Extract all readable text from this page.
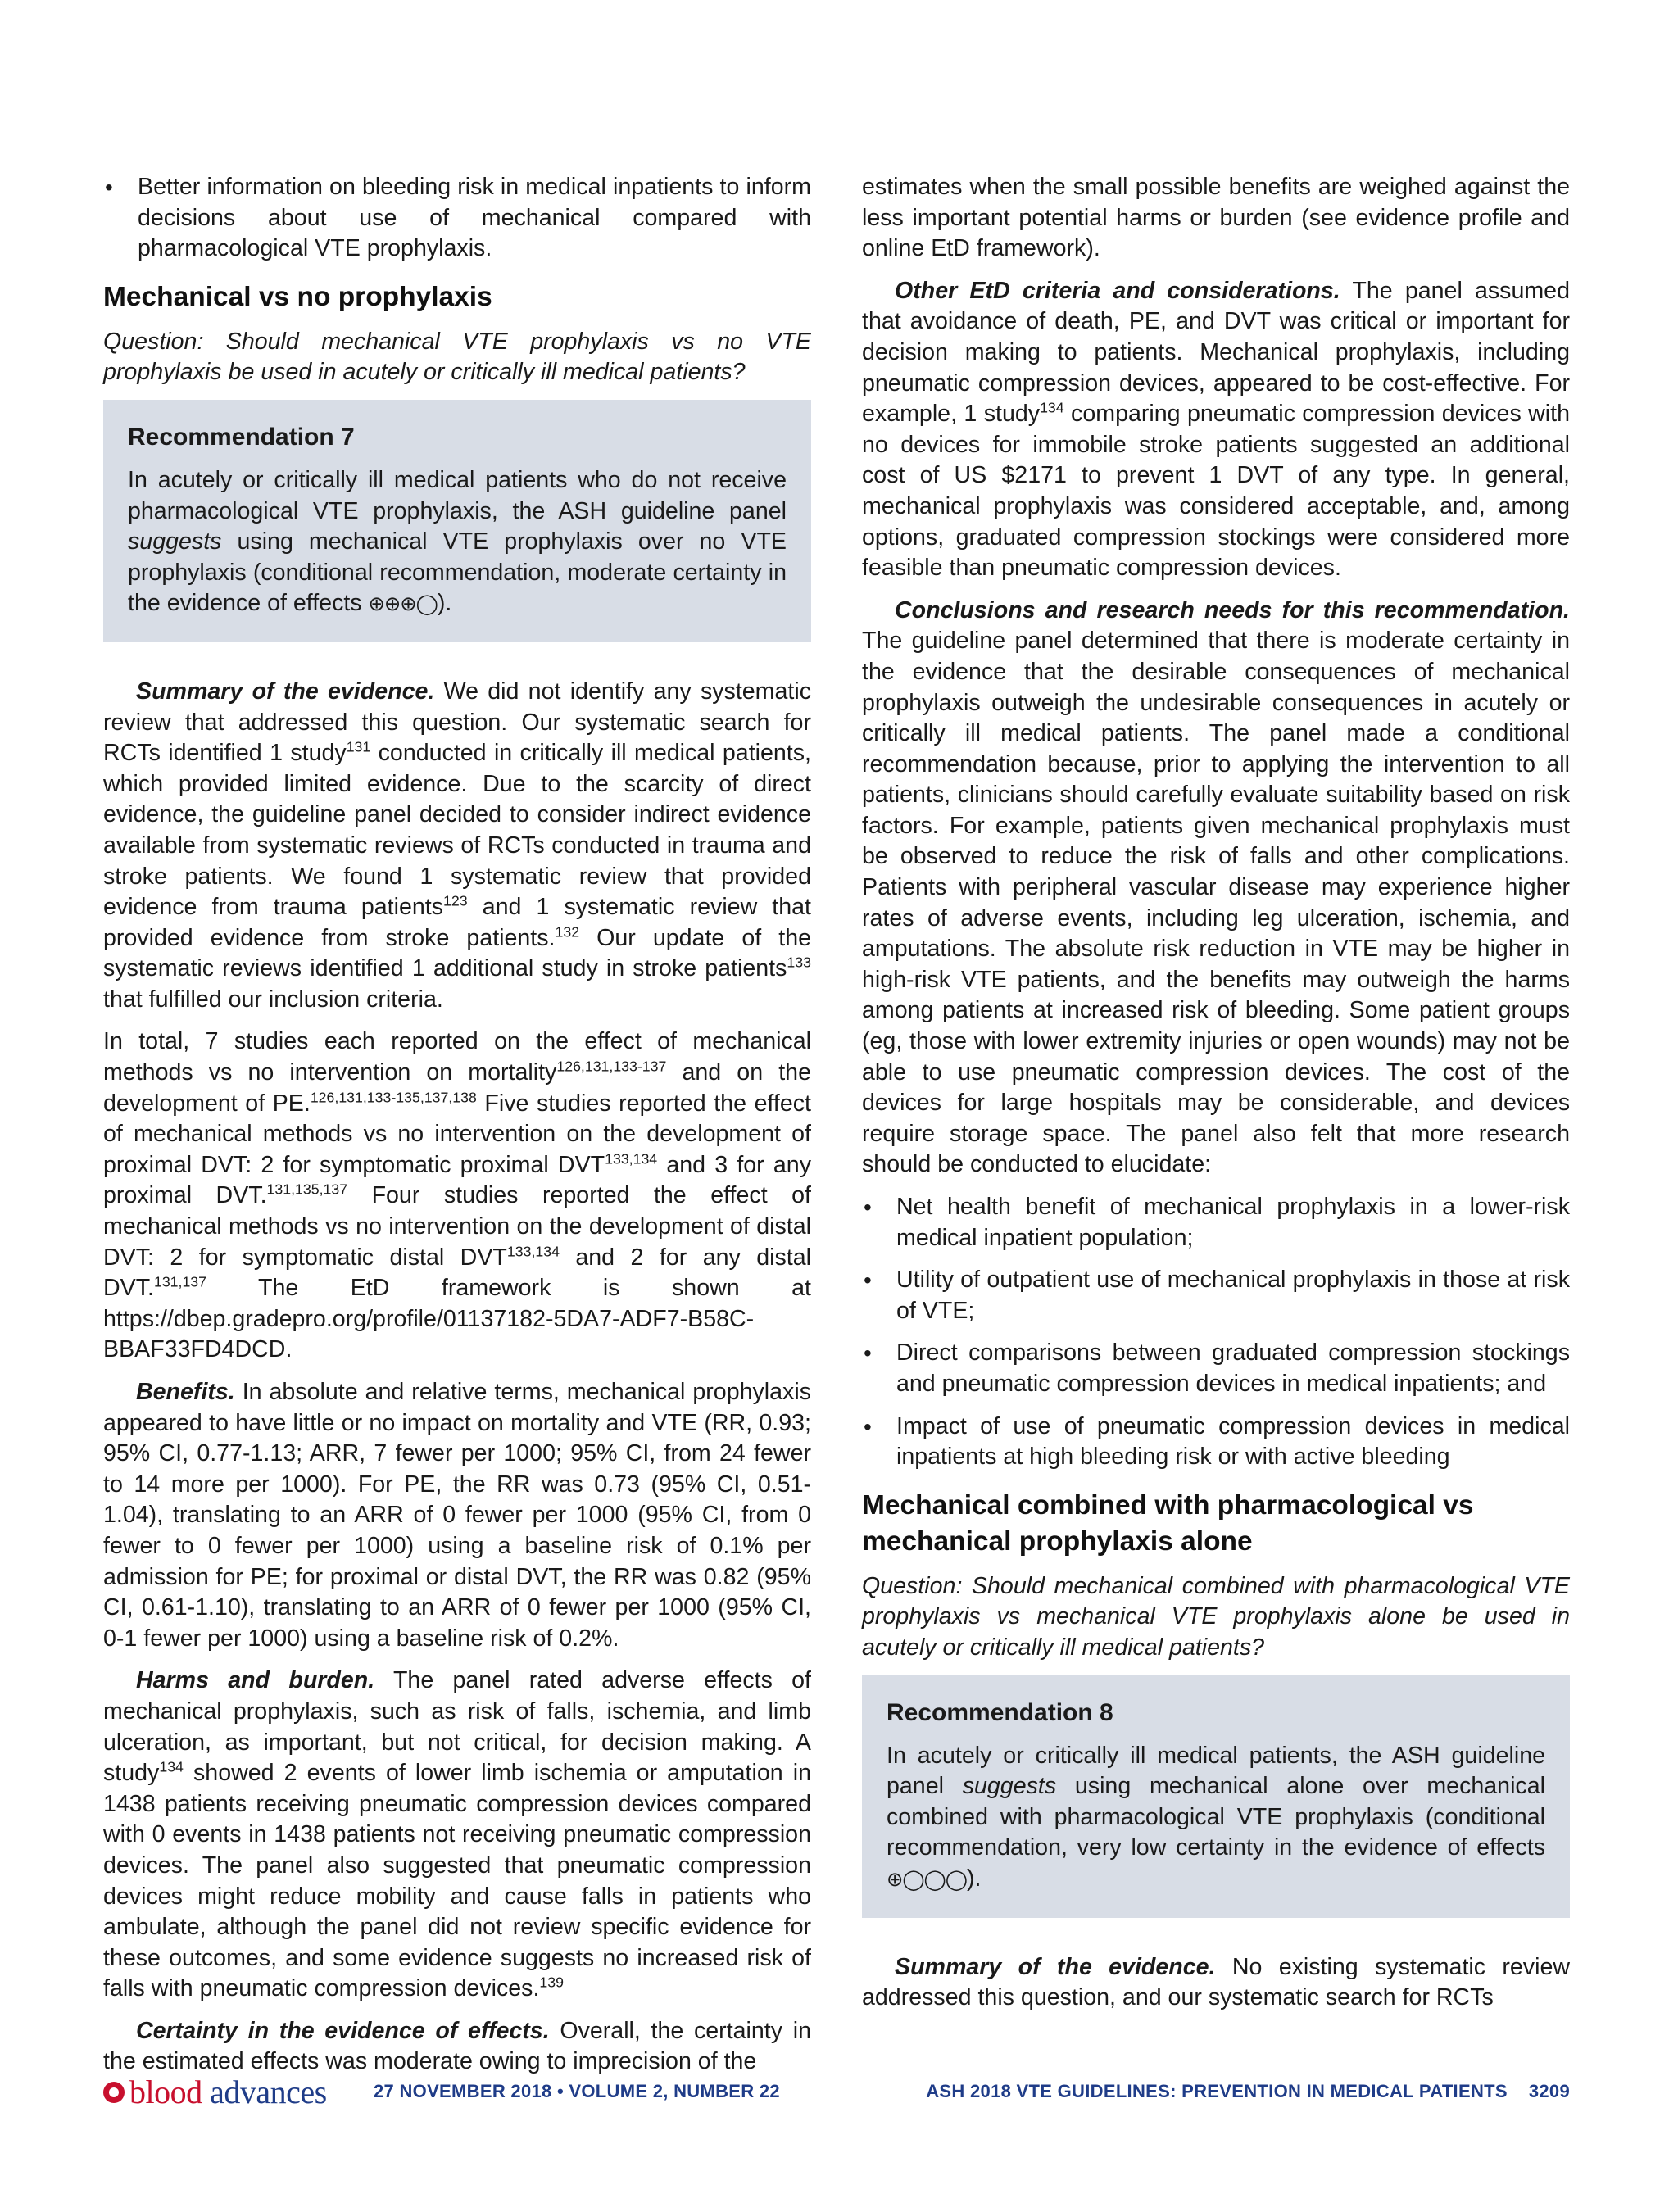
• Better information on bleeding risk in medical inpatients to inform decisions about use of mechanical compared with pharmacological VTE prophylaxis.
Mechanical vs no prophylaxis

Question: Should mechanical VTE prophylaxis vs no VTE prophylaxis be used in acutely or critically ill medical patients?

Recommendation 7
In acutely or critically ill medical patients who do not receive pharmacological VTE prophylaxis, the ASH guideline panel suggests using mechanical VTE prophylaxis over no VTE prophylaxis (conditional recommendation, moderate certainty in the evidence of effects ⊕⊕⊕◯).

Summary of the evidence. We did not identify any systematic review that addressed this question. Our systematic search for RCTs identified 1 study$^{131}$ conducted in critically ill medical patients, which provided limited evidence. Due to the scarcity of direct evidence, the guideline panel decided to consider indirect evidence available from systematic reviews of RCTs conducted in trauma and stroke patients. We found 1 systematic review that provided evidence from trauma patients$^{123}$ and 1 systematic review that provided evidence from stroke patients.$^{132}$ Our update of the systematic reviews identified 1 additional study in stroke patients$^{133}$ that fulfilled our inclusion criteria.

In total, 7 studies each reported on the effect of mechanical methods vs no intervention on mortality$^{126,131,133-137}$ and on the development of PE.$^{126,131,133-135,137,138}$ Five studies reported the effect of mechanical methods vs no intervention on the development of proximal DVT: 2 for symptomatic proximal DVT$^{133,134}$ and 3 for any proximal DVT.$^{131,135,137}$ Four studies reported the effect of mechanical methods vs no intervention on the development of distal DVT: 2 for symptomatic distal DVT$^{133,134}$ and 2 for any distal DVT.$^{131,137}$ The EtD framework is shown at https://dbep.gradepro.org/profile/01137182-5DA7-ADF7-B58C-BBAF33FD4DCD.

Benefits. In absolute and relative terms, mechanical prophylaxis appeared to have little or no impact on mortality and VTE (RR, 0.93; 95% CI, 0.77-1.13; ARR, 7 fewer per 1000; 95% CI, from 24 fewer to 14 more per 1000). For PE, the RR was 0.73 (95% CI, 0.51-1.04), translating to an ARR of 0 fewer per 1000 (95% CI, from 0 fewer to 0 fewer per 1000) using a baseline risk of 0.1% per admission for PE; for proximal or distal DVT, the RR was 0.82 (95% CI, 0.61-1.10), translating to an ARR of 0 fewer per 1000 (95% CI, 0-1 fewer per 1000) using a baseline risk of 0.2%.

Harms and burden. The panel rated adverse effects of mechanical prophylaxis, such as risk of falls, ischemia, and limb ulceration, as important, but not critical, for decision making. A study$^{134}$ showed 2 events of lower limb ischemia or amputation in 1438 patients receiving pneumatic compression devices compared with 0 events in 1438 patients not receiving pneumatic compression devices. The panel also suggested that pneumatic compression devices might reduce mobility and cause falls in patients who ambulate, although the panel did not review specific evidence for these outcomes, and some evidence suggests no increased risk of falls with pneumatic compression devices.$^{139}$

Certainty in the evidence of effects. Overall, the certainty in the estimated effects was moderate owing to imprecision of the

estimates when the small possible benefits are weighed against the less important potential harms or burden (see evidence profile and online EtD framework).

Other EtD criteria and considerations. The panel assumed that avoidance of death, PE, and DVT was critical or important for decision making to patients. Mechanical prophylaxis, including pneumatic compression devices, appeared to be cost-effective. For example, 1 study$^{134}$ comparing pneumatic compression devices with no devices for immobile stroke patients suggested an additional cost of US $2171 to prevent 1 DVT of any type. In general, mechanical prophylaxis was considered acceptable, and, among options, graduated compression stockings were considered more feasible than pneumatic compression devices.

Conclusions and research needs for this recommendation. The guideline panel determined that there is moderate certainty in the evidence that the desirable consequences of mechanical prophylaxis outweigh the undesirable consequences in acutely or critically ill medical patients. The panel made a conditional recommendation because, prior to applying the intervention to all patients, clinicians should carefully evaluate suitability based on risk factors. For example, patients given mechanical prophylaxis must be observed to reduce the risk of falls and other complications. Patients with peripheral vascular disease may experience higher rates of adverse events, including leg ulceration, ischemia, and amputations. The absolute risk reduction in VTE may be higher in high-risk VTE patients, and the benefits may outweigh the harms among patients at increased risk of bleeding. Some patient groups (eg, those with lower extremity injuries or open wounds) may not be able to use pneumatic compression devices. The cost of the devices for large hospitals may be considerable, and devices require storage space. The panel also felt that more research should be conducted to elucidate:

• Net health benefit of mechanical prophylaxis in a lower-risk medical inpatient population;
• Utility of outpatient use of mechanical prophylaxis in those at risk of VTE;
• Direct comparisons between graduated compression stockings and pneumatic compression devices in medical inpatients; and
• Impact of use of pneumatic compression devices in medical inpatients at high bleeding risk or with active bleeding
Mechanical combined with pharmacological vs mechanical prophylaxis alone

Question: Should mechanical combined with pharmacological VTE prophylaxis vs mechanical VTE prophylaxis alone be used in acutely or critically ill medical patients?

Recommendation 8
In acutely or critically ill medical patients, the ASH guideline panel suggests using mechanical alone over mechanical combined with pharmacological VTE prophylaxis (conditional recommendation, very low certainty in the evidence of effects ⊕◯◯◯).

Summary of the evidence. No existing systematic review addressed this question, and our systematic search for RCTs

blood advances	27 NOVEMBER 2018 • VOLUME 2, NUMBER 22	ASH 2018 VTE GUIDELINES: PREVENTION IN MEDICAL PATIENTS 3209
